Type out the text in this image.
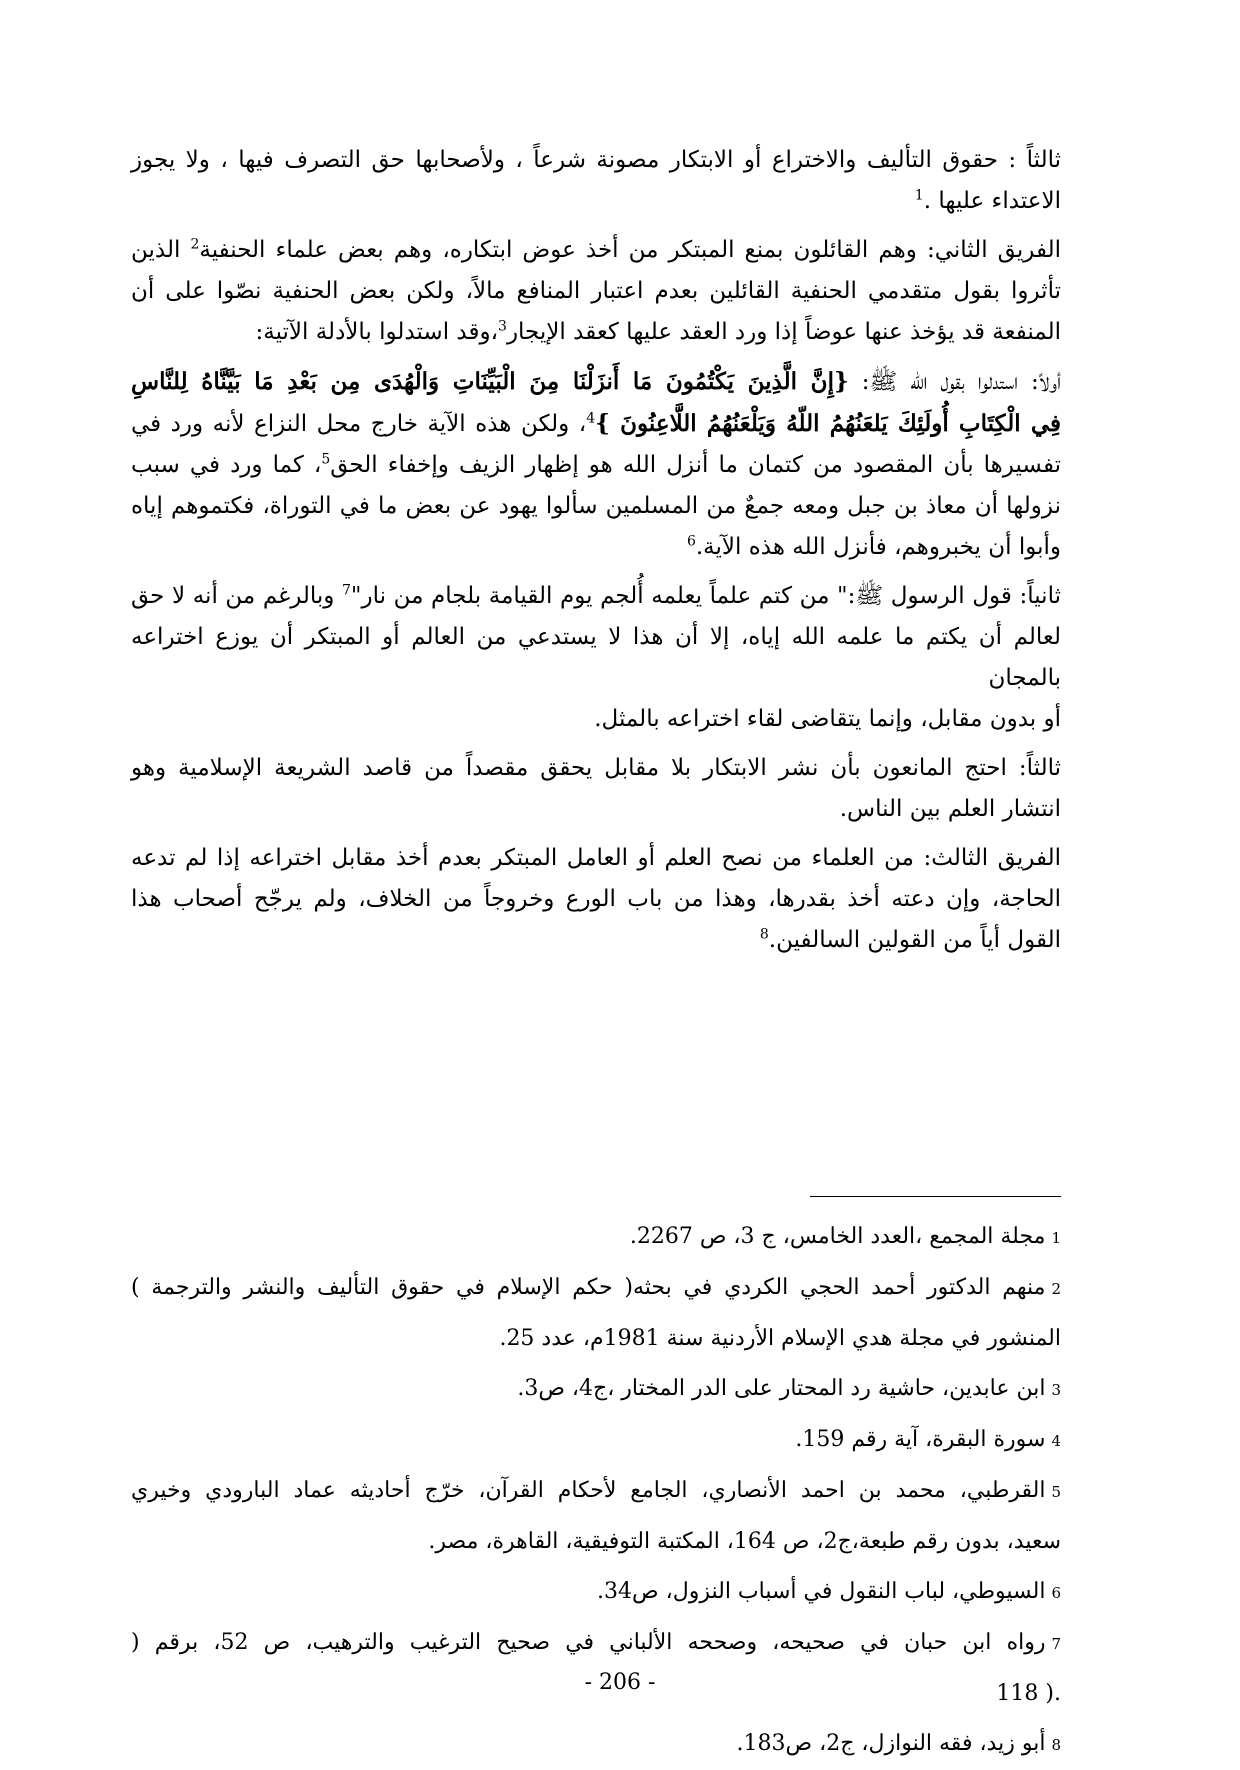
ثالثاً : حقوق التأليف والاختراع أو الابتكار مصونة شرعاً ، ولأصحابها حق التصرف فيها ، ولا يجوز
الاعتداء عليها .$^1$
الفريق الثاني: وهم القائلون بمنع المبتكر من أخذ عوض ابتكاره، وهم بعض علماء الحنفية$^2$ الذين
تأثروا بقول متقدمي الحنفية القائلين بعدم اعتبار المنافع مالاً، ولكن بعض الحنفية نصّوا على أن
المنفعة قد يؤخذ عنها عوضاً إذا ورد العقد عليها كعقد الإيجار$^3$،وقد استدلوا بالأدلة الآتية:
أولاً: استدلوا بقول الله ﷺ: {إِنَّ الَّذِينَ يَكْتُمُونَ مَا أَنزَلْنَا مِنَ الْبَيِّنَاتِ وَالْهُدَى مِن بَعْدِ مَا بَيَّنَّاهُ لِلنَّاسِ
فِي الْكِتَابِ أُولَئِكَ يَلعَنُهُمُ اللّهُ وَيَلْعَنُهُمُ اللَّاعِنُونَ }$^4$، ولكن هذه الآية خارج محل النزاع لأنه ورد في
تفسيرها بأن المقصود من كتمان ما أنزل الله هو إظهار الزيف وإخفاء الحق$^5$، كما ورد في سبب
نزولها أن معاذ بن جبل ومعه جمعٌ من المسلمين سألوا يهود عن بعض ما في التوراة، فكتموهم إياه
وأبوا أن يخبروهم، فأنزل الله هذه الآية.$^6$
ثانياً: قول الرسول ﷺ:" من كتم علماً يعلمه أُلجم يوم القيامة بلجام من نار"$^7$ وبالرغم من أنه لا حق
لعالم أن يكتم ما علمه الله إياه، إلا أن هذا لا يستدعي من العالم أو المبتكر أن يوزع اختراعه بالمجان
أو بدون مقابل، وإنما يتقاضى لقاء اختراعه بالمثل.
ثالثاً: احتج المانعون بأن نشر الابتكار بلا مقابل يحقق مقصداً من قاصد الشريعة الإسلامية وهو
انتشار العلم بين الناس.
الفريق الثالث: من العلماء من نصح العلم أو العامل المبتكر بعدم أخذ مقابل اختراعه إذا لم تدعه
الحاجة، وإن دعته أخذ بقدرها، وهذا من باب الورع وخروجاً من الخلاف، ولم يرجّح أصحاب هذا
القول أياً من القولين السالفين.$^8$
1مجلة المجمع ،العدد الخامس، ج 3، ص 2267.
2منهم الدكتور أحمد الحجي الكردي في بحثه( حكم الإسلام في حقوق التأليف والنشر والترجمة )
المنشور في مجلة هدي الإسلام الأردنية سنة 1981م، عدد 25.
3ابن عابدين، حاشية رد المحتار على الدر المختار ،ج4، ص3.
4سورة البقرة، آية رقم 159.
5القرطبي، محمد بن احمد الأنصاري، الجامع لأحكام القرآن، خرّج أحاديثه عماد البارودي وخيري
سعيد، بدون رقم طبعة،ج2، ص 164، المكتبة التوفيقية، القاهرة، مصر.
6السيوطي، لباب النقول في أسباب النزول، ص34.
7رواه ابن حبان في صحيحه، وصححه الألباني في صحيح الترغيب والترهيب، ص 52، برقم (
.( 118
8أبو زيد، فقه النوازل، ج2، ص183.
- 206 -
